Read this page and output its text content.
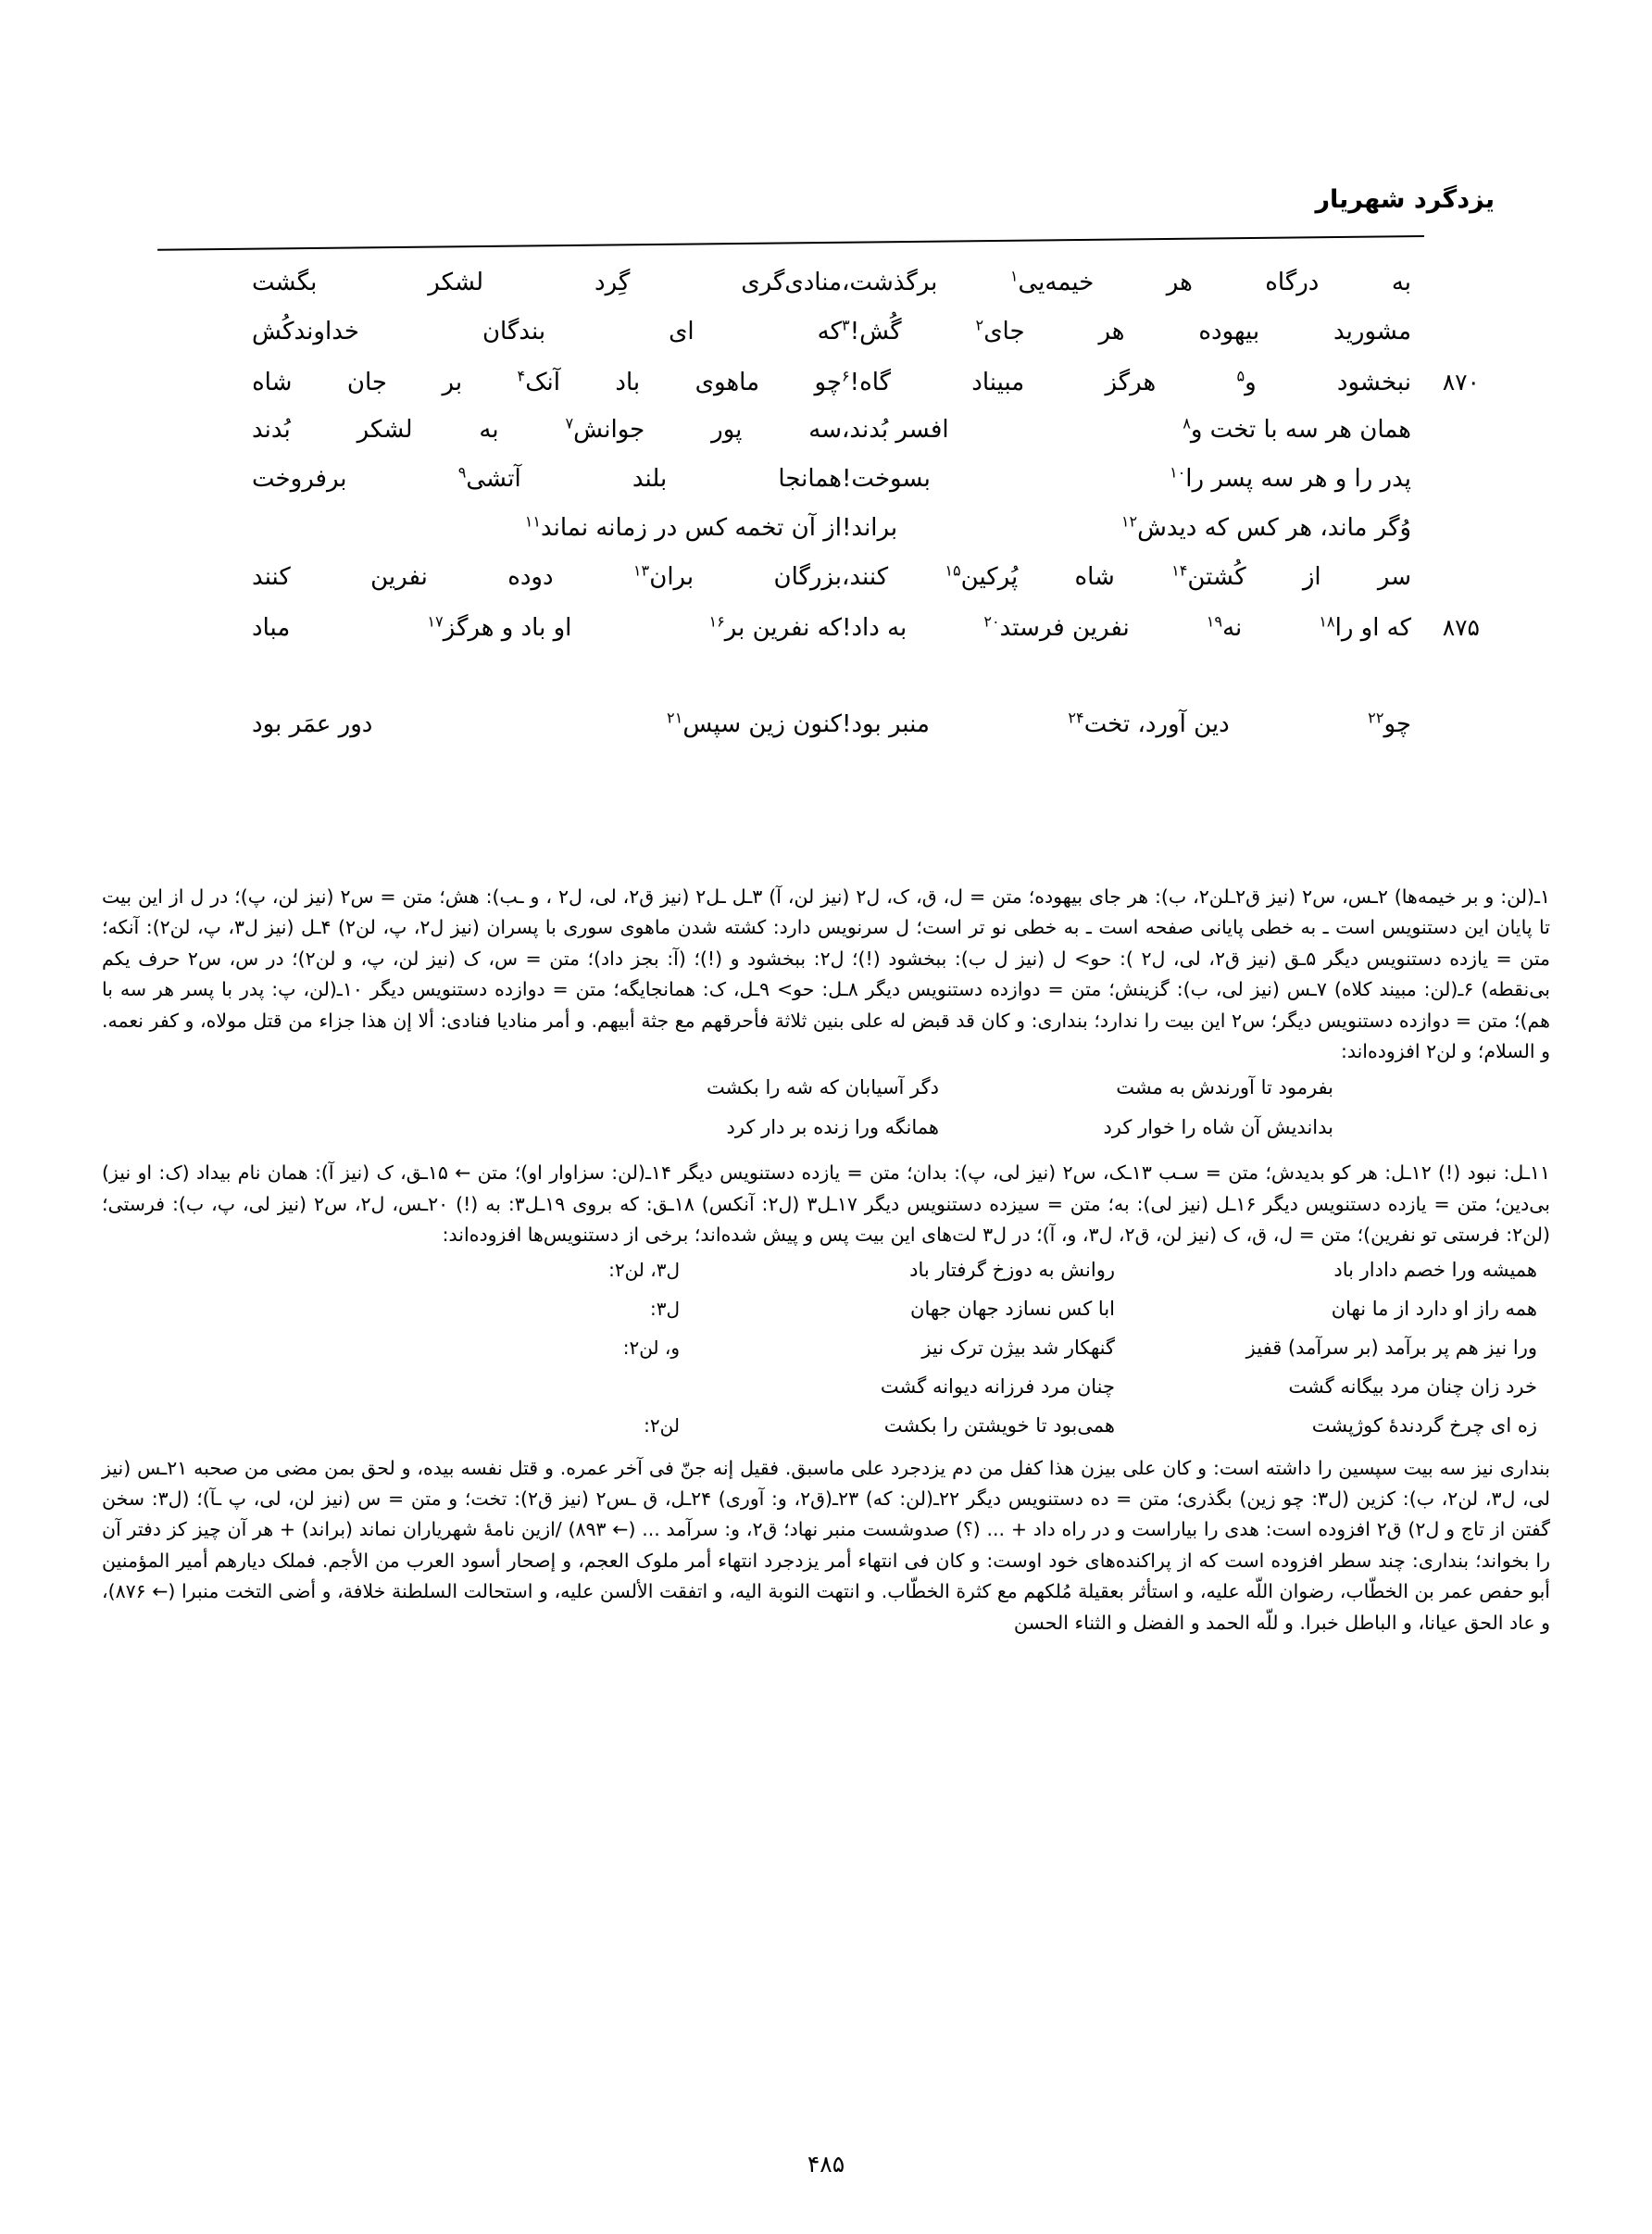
یزدگرد شهریار
به
درگاه
هر
خیمه‌یی$^۱$
برگذشت،
منادی‌گری
گِرد
لشکر
بگشت
مشورید
بیهوده
هر
جای$^۲$
گُش!$^۳$
که
ای
بندگان
خداوندکُش
۸۷۰
نبخشود
و$^۵$
هرگز
مبیناد
گاه!$^۶$
چو
ماهوی
باد
آنک$^۴$
بر
جان
شاه
همان هر سه با تخت و$^۸$
افسر بُدند،
سه
پور
جوانش$^۷$
به
لشکر
بُدند
پدر را و هر سه پسر را$^{۱۰}$
بسوخت!
همانجا
بلند
آتشی$^۹$
برفروخت
وُگر ماند، هر کس که دیدش$^{۱۲}$
براند!
از آن تخمه کس در زمانه نماند$^{۱۱}$
سر
از
کُشتن$^{۱۴}$
شاه
پُرکین$^{۱۵}$
کنند،
بزرگان
بران$^{۱۳}$
دوده
نفرین
کنند
۸۷۵
که او را$^{۱۸}$
نه$^{۱۹}$
نفرین فرستد$^{۲۰}$
به داد!
که نفرین بر$^{۱۶}$
او باد و هرگز$^{۱۷}$
مباد
چو$^{۲۲}$
دین آورد، تخت$^{۲۴}$
منبر بود!
کنون زین سپس$^{۲۱}$
دور عمَر بود

۱ـ(لن: و بر خیمه‌ها) ۲ـس، س۲ (نیز ق۲ـلن۲، ب): هر جای بیهوده؛ متن = ل، ق، ک، ل۲ (نیز لن، آ) ۳ـل ـل۲ (نیز ق۲، لی، ل۲ ، و ـب): هش؛ متن = س۲ (نیز لن، پ)؛ در ل از این بیت تا پایان این دستنویس است ـ به خطی پایانی صفحه است ـ به خطی نو تر است؛ ل سرنویس دارد: کشته شدن ماهوی سوری با پسران (نیز ل۲، پ، لن۲) ۴ـل (نیز ل۳، پ، لن۲): آنکه؛ متن = یازده دستنویس دیگر ۵ـق (نیز ق۲، لی، ل۲ ): حو> ل (نیز ل ب): ببخشود (!)؛ ل۲: ببخشود و (!)؛ (آ: بجز داد)؛ متن = س، ک (نیز لن، پ، و لن۲)؛ در س، س۲ حرف یکم بی‌نقطه) ۶ـ(لن: مبیند کلاه) ۷ـس (نیز لی، ب): گزینش؛ متن = دوازده دستنویس دیگر ۸ـل: حو> ۹ـل، ک: همانجایگه؛ متن = دوازده دستنویس دیگر ۱۰ـ(لن، پ: پدر با پسر هر سه با هم)؛ متن = دوازده دستنویس دیگر؛ س۲ این بیت را ندارد؛ بنداری: و کان قد قبض له علی بنین ثلاثة فأحرقهم مع جثة أبیهم. و أمر منادیا فنادی: ألا إن هذا جزاء من قتل مولاه، و کفر نعمه. و السلام؛ و لن۲ افزوده‌اند:

بفرمود تا آورندش به مشت
دگر آسیابان که شه را بکشت
بداندیش آن شاه را خوار کرد
همانگه ورا زنده بر دار کرد

۱۱ـل: نبود (!) ۱۲ـل: هر کو بدیدش؛ متن = سـب ۱۳ـک، س۲ (نیز لی، پ): بدان؛ متن = یازده دستنویس دیگر ۱۴ـ(لن: سزاوار او)؛ متن ← ۱۵ـق، ک (نیز آ): همان نام بیداد (ک: او نیز) بی‌دین؛ متن = یازده دستنویس دیگر ۱۶ـل (نیز لی): به؛ متن = سیزده دستنویس دیگر ۱۷ـل۳ (ل۲: آنکس) ۱۸ـق: که بروی ۱۹ـل۳: به (!) ۲۰ـس، ل۲، س۲ (نیز لی، پ، ب): فرستی؛ (لن۲: فرستی تو نفرین)؛ متن = ل، ق، ک (نیز لن، ق۲، ل۳، و، آ)؛ در ل۳ لت‌های این بیت پس و پیش شده‌اند؛ برخی از دستنویس‌ها افزوده‌اند:

همیشه ورا خصم دادار باد
روانش به دوزخ گرفتار باد
ل۳، لن۲:
همه راز او دارد از ما نهان
ابا کس نسازد جهان جهان
ل۳:
ورا نیز هم پر برآمد (بر سرآمد) قفیز
گنهکار شد بیژن ترک نیز
و، لن۲:
خرد زان چنان مرد بیگانه گشت
چنان مرد فرزانه دیوانه گشت
زه ای چرخ گردندهٔ کوژپشت
همی‌بود تا خویشتن را بکشت
لن۲:

بنداری نیز سه بیت سپسین را داشته است: و کان علی بیزن هذا کفل من دم یزدجرد علی ماسبق. فقیل إنه جنّ فی آخر عمره. و قتل نفسه بیده، و لحق بمن مضی من صحبه ۲۱ـس (نیز لی، ل۳، لن۲، ب): کزین (ل۳: چو زین) بگذری؛ متن = ده دستنویس دیگر ۲۲ـ(لن: که) ۲۳ـ(ق۲، و: آوری) ۲۴ـل، ق ـس۲ (نیز ق۲): تخت؛ و متن = س (نیز لن، لی، پ ـآ)؛ (ل۳: سخن گفتن از تاج و ل۲) ق۲ افزوده است: هدی را بیاراست و در راه داد + ... (؟) صدوشست منبر نهاد؛ ق۲، و: سرآمد ... (← ۸۹۳) /ازین نامهٔ شهریاران نماند (براند) + هر آن چیز کز دفتر آن را بخواند؛ بنداری: چند سطر افزوده است که از پراکنده‌های خود اوست: و کان فی انتهاء أمر یزدجرد انتهاء أمر ملوک العجم، و إصحار أسود العرب من الأجم. فملک دیارهم أمیر المؤمنین أبو حفص عمر بن الخطّاب، رضوان اللّه علیه، و استأثر بعقیلة مُلکهم مع کثرة الخطّاب. و انتهت النوبة الیه، و اتفقت الألسن علیه، و استحالت السلطنة خلافة، و أضی التخت منبرا (← ۸۷۶)، و عاد الحق عیانا، و الباطل خبرا. و للّه الحمد و الفضل و الثناء الحسن

۴۸۵
